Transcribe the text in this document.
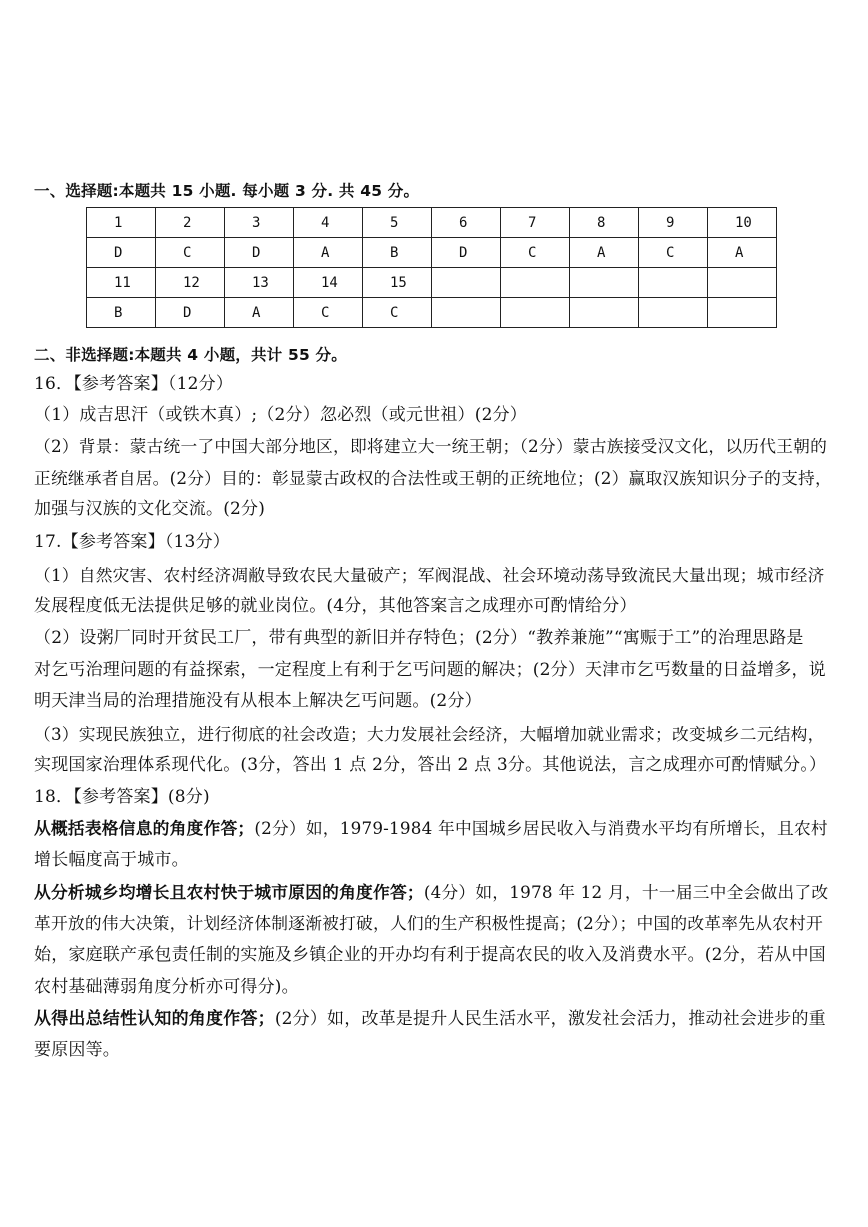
一、选择题:本题共 15 小题. 每小题 3 分. 共 45 分。
1	2	3	4	5	6	7	8	9	10
D	C	D	A	B	D	C	A	C	A
11	12	13	14	15					
B	D	A	C	C					
二、非选择题:本题共 4 小题，共计 55 分。
16．【参考答案】（12分）
（1）成吉思汗（或铁木真）;（2分）忽必烈（或元世祖）(2分）
（2）背景：蒙古统一了中国大部分地区，即将建立大一统王朝；（2分）蒙古族接受汉文化，以历代王朝的
正统继承者自居。(2分）目的：彰显蒙古政权的合法性或王朝的正统地位；(2）赢取汉族知识分子的支持，
加强与汉族的文化交流。(2分)
17.【参考答案】（13分）
（1）自然灾害、农村经济凋敝导致农民大量破产；军阀混战、社会环境动荡导致流民大量出现；城市经济
发展程度低无法提供足够的就业岗位。(4分，其他答案言之成理亦可酌情给分）
（2）设粥厂同时开贫民工厂，带有典型的新旧并存特色；(2分）“教养兼施”“寓赈于工”的治理思路是
对乞丐治理问题的有益探索，一定程度上有利于乞丐问题的解决；(2分）天津市乞丐数量的日益增多，说
明天津当局的治理措施没有从根本上解决乞丐问题。(2分）
（3）实现民族独立，进行彻底的社会改造；大力发展社会经济，大幅增加就业需求；改变城乡二元结构，
实现国家治理体系现代化。(3分，答出 1 点 2分，答出 2 点 3分。其他说法，言之成理亦可酌情赋分。）
18．【参考答案】(8分)
从概括表格信息的角度作答；(2分）如，1979-1984 年中国城乡居民收入与消费水平均有所增长，且农村
增长幅度高于城市。
从分析城乡均增长且农村快于城市原因的角度作答；(4分）如，1978 年 12 月，十一届三中全会做出了改
革开放的伟大决策，计划经济体制逐渐被打破，人们的生产积极性提高；(2分）；中国的改革率先从农村开
始，家庭联产承包责任制的实施及乡镇企业的开办均有利于提高农民的收入及消费水平。(2分，若从中国
农村基础薄弱角度分析亦可得分)。
从得出总结性认知的角度作答；(2分）如，改革是提升人民生活水平，激发社会活力，推动社会进步的重
要原因等。
